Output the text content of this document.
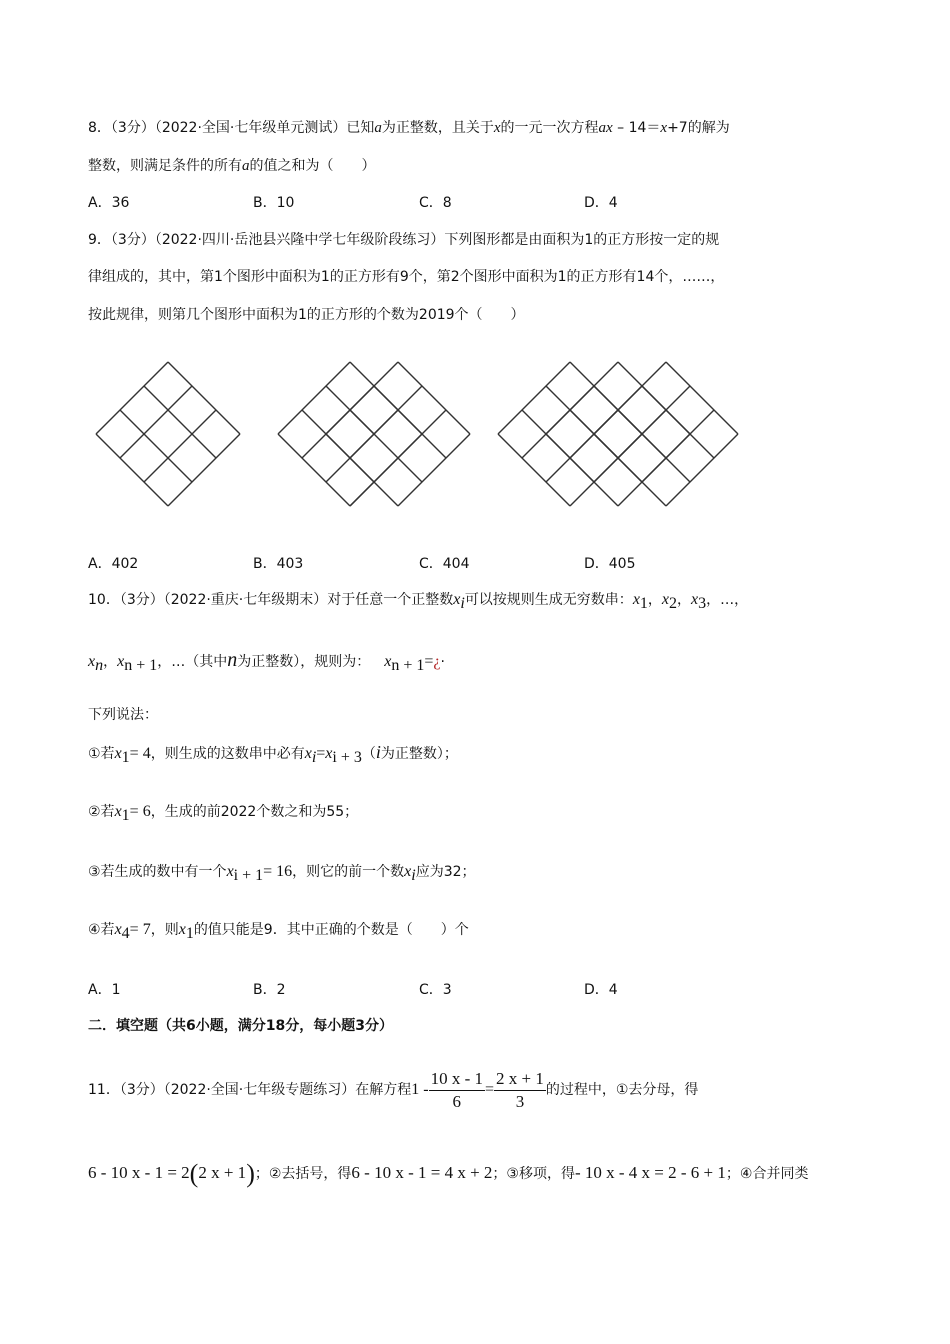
8．（3分）（2022·全国·七年级单元测试）已知a为正整数，且关于x的一元一次方程ax – 14＝x+7的解为
整数，则满足条件的所有a的值之和为（　　）
A．36	B．10	C．8	D．4
9．（3分）（2022·四川·岳池县兴隆中学七年级阶段练习）下列图形都是由面积为1的正方形按一定的规
律组成的，其中，第1个图形中面积为1的正方形有9个，第2个图形中面积为1的正方形有14个，……，
按此规律，则第几个图形中面积为1的正方形的个数为2019个（　　）
A．402	B．403	C．404	D．405
10．（3分）（2022·重庆·七年级期末）对于任意一个正整数$x_i$可以按规则生成无穷数串：$x_1$，$x_2$，$x_3$，…，
$x_n$，$x_{n + 1}$，…（其中n为正整数），规则为： $x_{n + 1}=¿\cdot$
下列说法：
①若$x_1= 4$，则生成的这数串中必有$x_i=x_{i + 3}(i$为正整数）；
②若$x_1= 6$，生成的前2022个数之和为55；
③若生成的数中有一个$x_{i + 1}= 16$，则它的前一个数$x_i$应为32；
④若$x_4= 7$，则$x_1$的值只能是9．其中正确的个数是（　　）个
A．1	B．2	C．3	D．4
二．填空题（共6小题，满分18分，每小题3分）
11．（3分）（2022·全国·七年级专题练习）在解方程$1 - \frac{10 x - 1}{6} = \frac{2 x + 1}{3}$ 的过程中，①去分母，得
6 - 10 x - 1 = 2(2 x + 1)；②去括号，得6 - 10 x - 1 = 4 x + 2；③移项，得- 10 x - 4 x = 2 - 6 + 1；④合并同类
